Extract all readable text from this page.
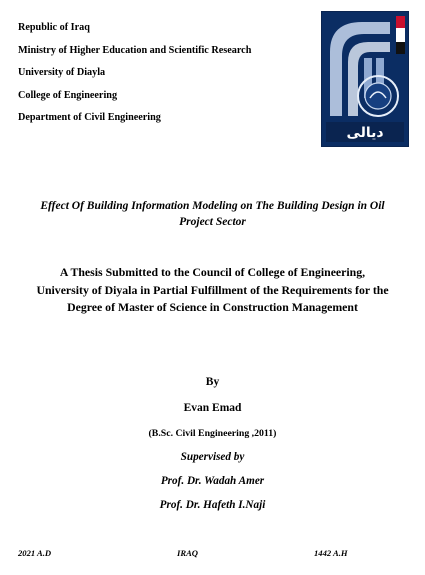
Republic of Iraq
Ministry of Higher Education and Scientific Research
University of Diayla
College of Engineering
Department of Civil Engineering
ديالى
Effect Of Building Information Modeling on The Building Design in Oil
Project Sector
A Thesis Submitted to the Council of College of Engineering,
University of Diyala in Partial Fulfillment of the Requirements for the
Degree of Master of Science in Construction Management
By
Evan Emad
(B.Sc. Civil Engineering ,2011)
Supervised by
Prof. Dr. Wadah Amer
Prof. Dr. Hafeth I.Naji
2021 A.D	IRAQ	1442 A.H
